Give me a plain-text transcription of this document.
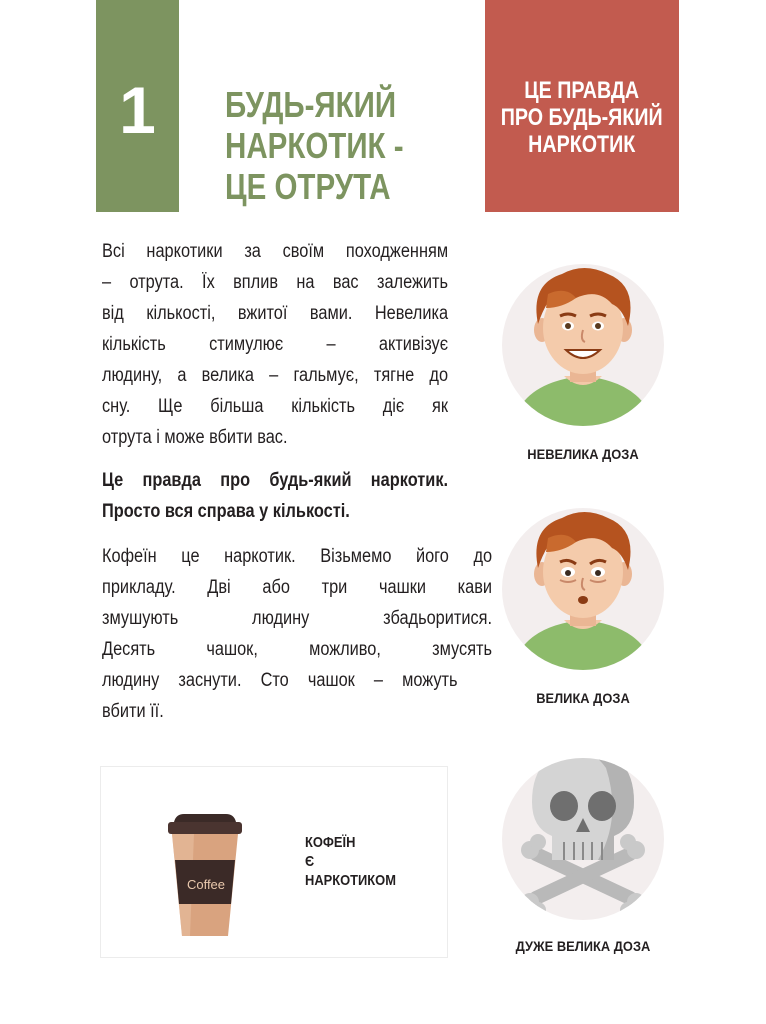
1	БУДЬ-ЯКИЙ
НАРКОТИК -
ЦЕ ОТРУТА
ЦЕ ПРАВДА
ПРО БУДЬ-ЯКИЙ
НАРКОТИК
Всі наркотики за своїм походженням
– отрута. Їх вплив на вас залежить
від кількості, вжитої вами. Невелика
кількість стимулює – активізує
людину, а велика – гальмує, тягне до
сну. Ще більша кількість діє як
отрута і може вбити вас.
Це правда про будь-який наркотик.
Просто вся справа у кількості.
Кофеїн це наркотик. Візьмемо його до
прикладу. Дві або три чашки кави
змушують людину збадьоритися.
Десять чашок, можливо, змусять
людину заснути. Сто чашок – можуть
вбити її.
Coffee
КОФЕЇН
Є
НАРКОТИКОМ
НЕВЕЛИКА ДОЗА
ВЕЛИКА ДОЗА
ДУЖЕ ВЕЛИКА ДОЗА
